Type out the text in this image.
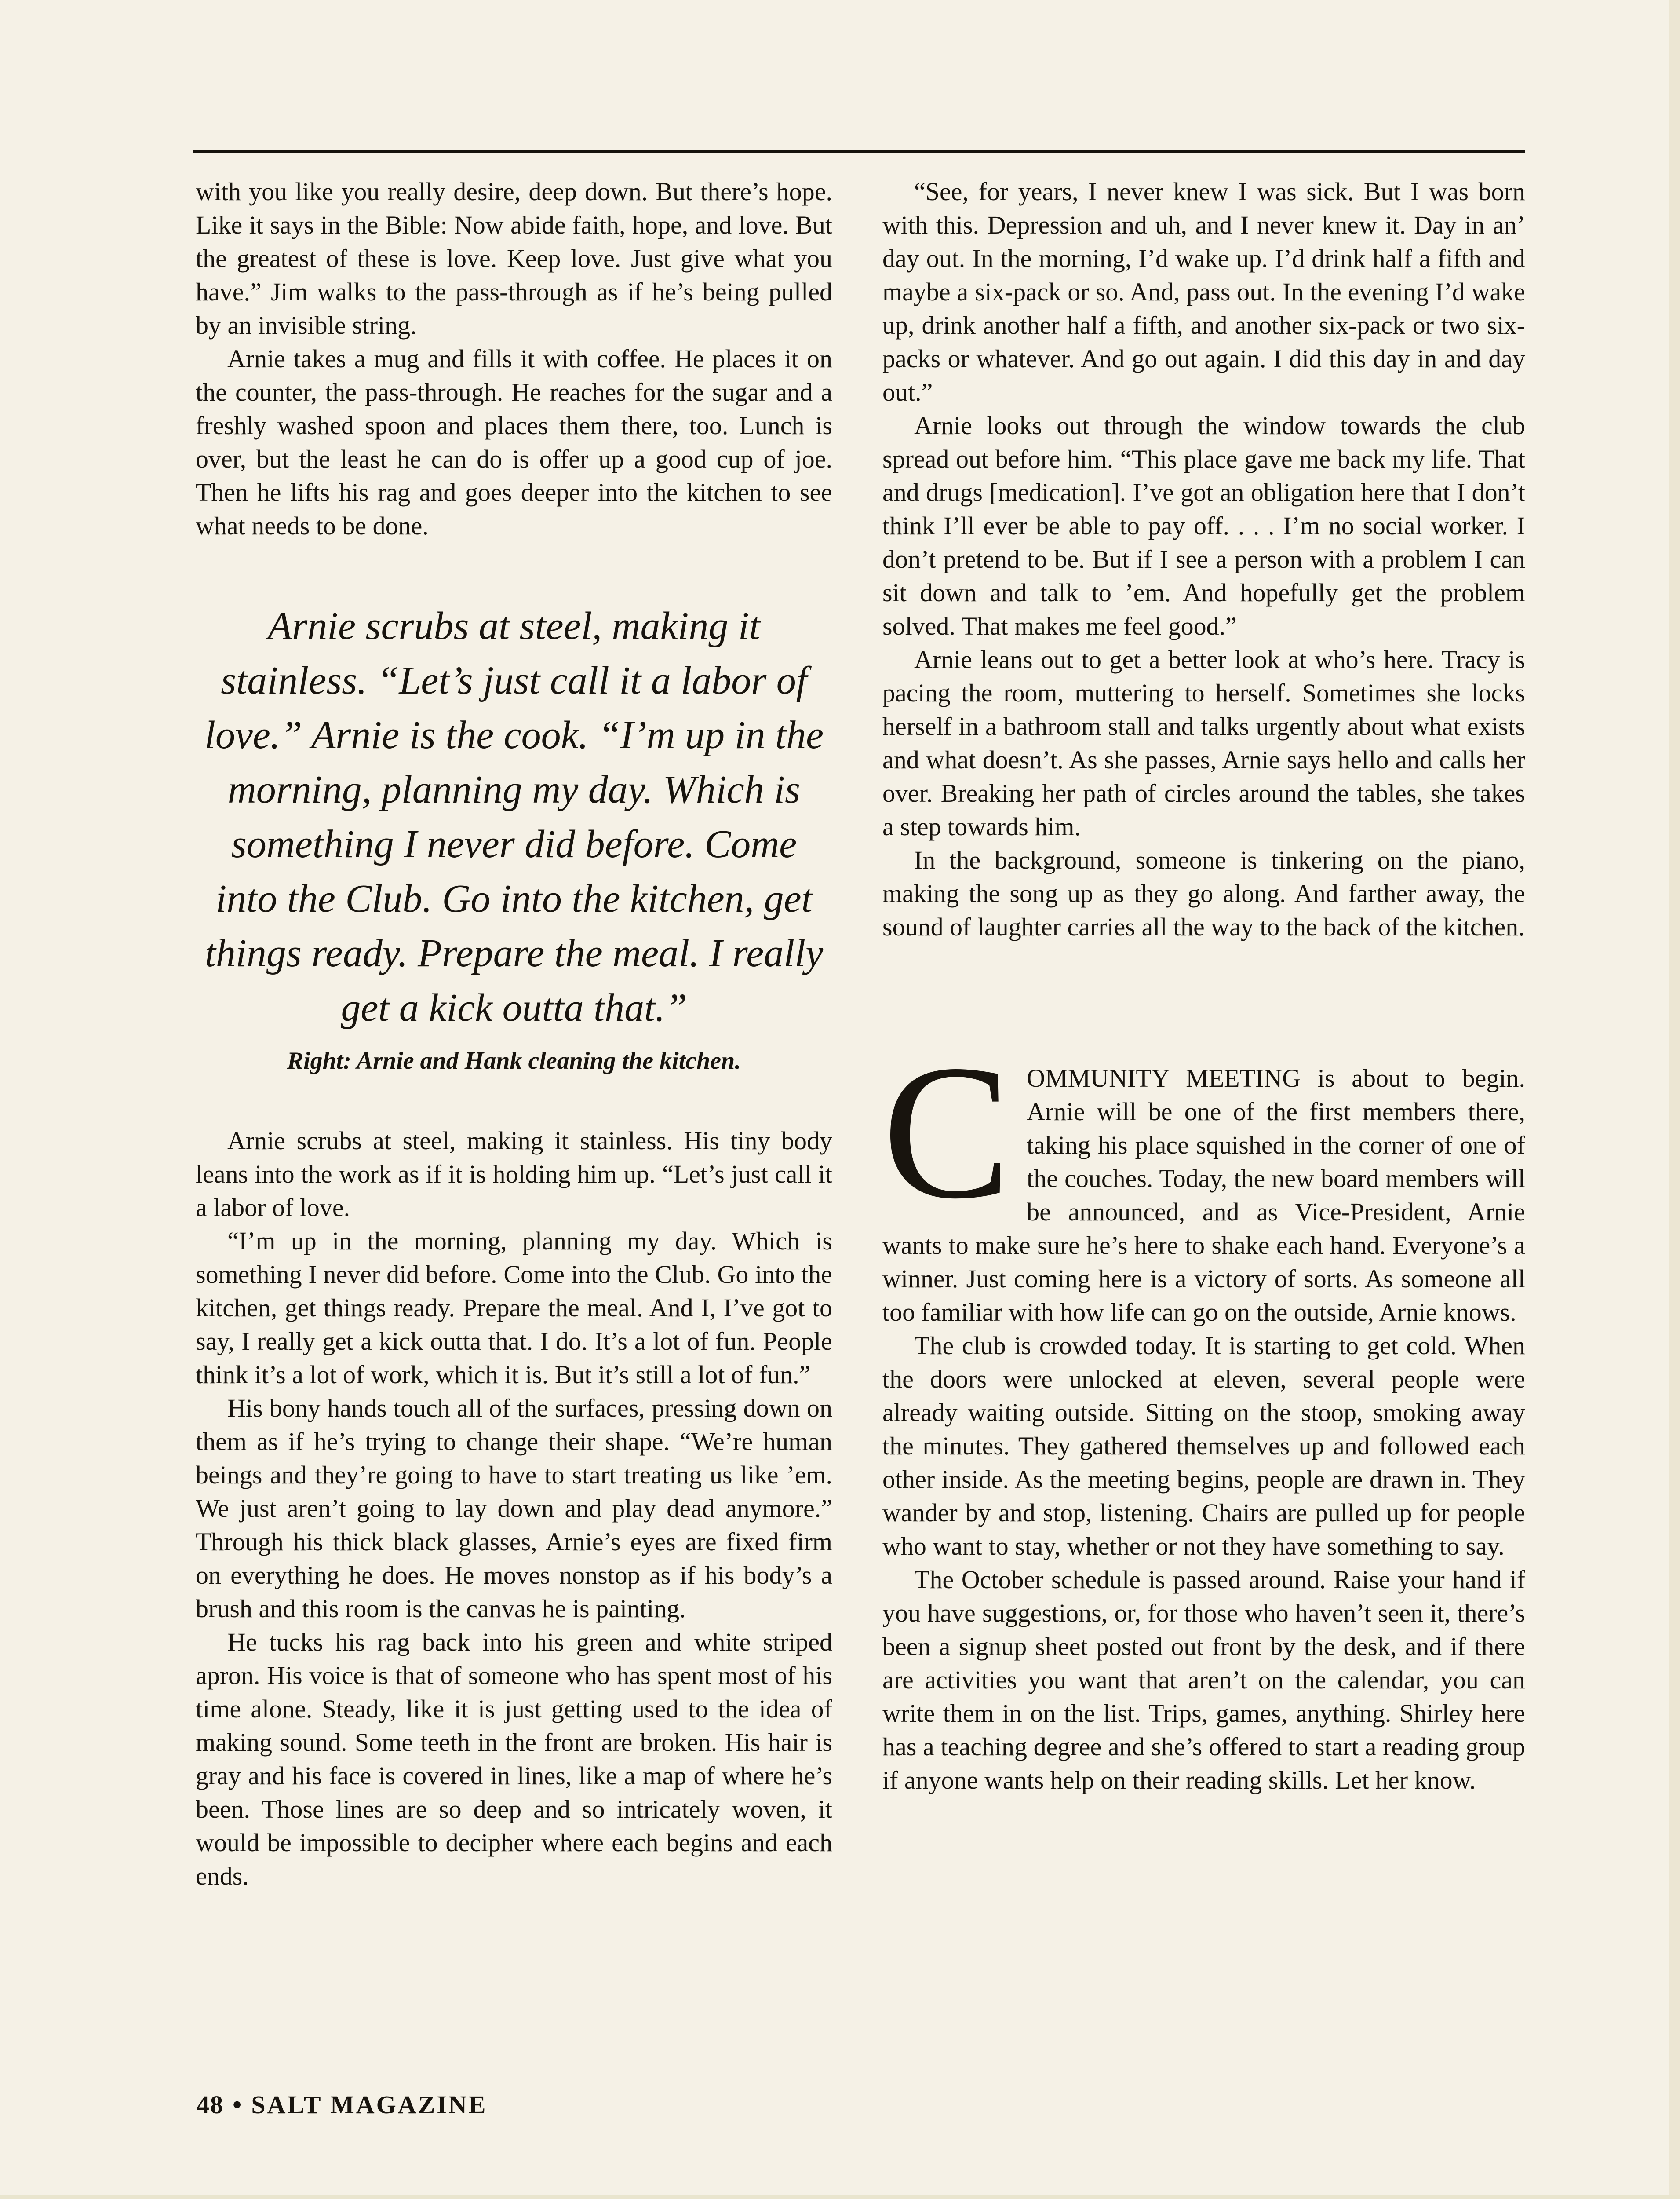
with you like you really desire, deep down. But there’s hope. Like it says in the Bible: Now abide faith, hope, and love. But the greatest of these is love. Keep love. Just give what you have.” Jim walks to the pass-through as if he’s being pulled by an invisible string.

Arnie takes a mug and fills it with coffee. He places it on the counter, the pass-through. He reaches for the sugar and a freshly washed spoon and places them there, too. Lunch is over, but the least he can do is offer up a good cup of joe. Then he lifts his rag and goes deeper into the kitchen to see what needs to be done.

Arnie scrubs at steel, making it stainless. “Let’s just call it a labor of love.” Arnie is the cook. “I’m up in the morning, planning my day. Which is something I never did before. Come into the Club. Go into the kitchen, get things ready. Prepare the meal. I really get a kick outta that.”
Right: Arnie and Hank cleaning the kitchen.

Arnie scrubs at steel, making it stainless. His tiny body leans into the work as if it is holding him up. “Let’s just call it a labor of love.

“I’m up in the morning, planning my day. Which is something I never did before. Come into the Club. Go into the kitchen, get things ready. Prepare the meal. And I, I’ve got to say, I really get a kick outta that. I do. It’s a lot of fun. People think it’s a lot of work, which it is. But it’s still a lot of fun.”

His bony hands touch all of the surfaces, pressing down on them as if he’s trying to change their shape. “We’re human beings and they’re going to have to start treating us like ’em. We just aren’t going to lay down and play dead anymore.” Through his thick black glasses, Arnie’s eyes are fixed firm on everything he does. He moves nonstop as if his body’s a brush and this room is the canvas he is painting.

He tucks his rag back into his green and white striped apron. His voice is that of someone who has spent most of his time alone. Steady, like it is just getting used to the idea of making sound. Some teeth in the front are broken. His hair is gray and his face is covered in lines, like a map of where he’s been. Those lines are so deep and so intricately woven, it would be impossible to decipher where each begins and each ends.

“See, for years, I never knew I was sick. But I was born with this. Depression and uh, and I never knew it. Day in an’ day out. In the morning, I’d wake up. I’d drink half a fifth and maybe a six-pack or so. And, pass out. In the evening I’d wake up, drink another half a fifth, and another six-pack or two six-packs or whatever. And go out again. I did this day in and day out.”

Arnie looks out through the window towards the club spread out before him. “This place gave me back my life. That and drugs [medication]. I’ve got an obligation here that I don’t think I’ll ever be able to pay off. . . . I’m no social worker. I don’t pretend to be. But if I see a person with a problem I can sit down and talk to ’em. And hopefully get the problem solved. That makes me feel good.”

Arnie leans out to get a better look at who’s here. Tracy is pacing the room, muttering to herself. Sometimes she locks herself in a bathroom stall and talks urgently about what exists and what doesn’t. As she passes, Arnie says hello and calls her over. Breaking her path of circles around the tables, she takes a step towards him.

In the background, someone is tinkering on the piano, making the song up as they go along. And farther away, the sound of laughter carries all the way to the back of the kitchen.

COMMUNITY MEETING is about to begin. Arnie will be one of the first members there, taking his place squished in the corner of one of the couches. Today, the new board members will be announced, and as Vice-President, Arnie wants to make sure he’s here to shake each hand. Everyone’s a winner. Just coming here is a victory of sorts. As someone all too familiar with how life can go on the outside, Arnie knows.

The club is crowded today. It is starting to get cold. When the doors were unlocked at eleven, several people were already waiting outside. Sitting on the stoop, smoking away the minutes. They gathered themselves up and followed each other inside. As the meeting begins, people are drawn in. They wander by and stop, listening. Chairs are pulled up for people who want to stay, whether or not they have something to say.

The October schedule is passed around. Raise your hand if you have suggestions, or, for those who haven’t seen it, there’s been a signup sheet posted out front by the desk, and if there are activities you want that aren’t on the calendar, you can write them in on the list. Trips, games, anything. Shirley here has a teaching degree and she’s offered to start a reading group if anyone wants help on their reading skills. Let her know.

48 • SALT MAGAZINE
